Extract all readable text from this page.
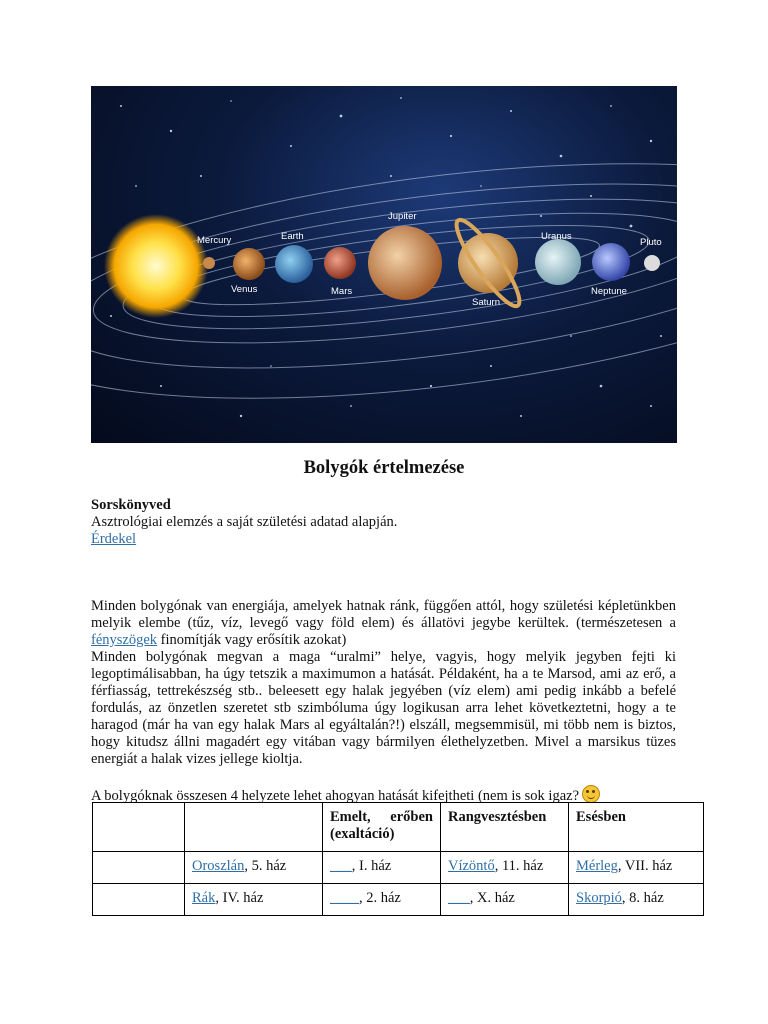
Mercury	Earth
Venus	Mars
Jupiter
Saturn
Uranus
Neptune
Pluto
Bolygók értelmezése
Sorskönyved
Asztrológiai elemzés a saját születési adatad alapján.
Érdekel
Minden bolygónak van energiája, amelyek hatnak ránk, függően attól, hogy születési képletünkben melyik elembe (tűz, víz, levegő vagy föld elem) és állatövi jegybe kerültek. (természetesen a fényszögek finomítják vagy erősítik azokat)
Minden bolygónak megvan a maga “uralmi” helye, vagyis, hogy melyik jegyben fejti ki legoptimálisabban, ha úgy tetszik a maximumon a hatását. Példaként, ha a te Marsod, ami az erő, a férfiasság, tettrekészség stb.. beleesett egy halak jegyében (víz elem) ami pedig inkább a befelé fordulás, az önzetlen szeretet stb szimbóluma úgy logikusan arra lehet következtetni, hogy a te haragod (már ha van egy halak Mars al egyáltalán?!) elszáll, megsemmisül, mi több nem is biztos, hogy kitudsz állni magadért egy vitában vagy bármilyen élethelyzetben. Mivel a marsikus tüzes energiát a halak vizes jellege kioltja.
A bolygóknak összesen 4 helyzete lehet ahogyan hatását kifejtheti (nem is sok igaz?
		Emelt, erőben (exaltáció)	Rangvesztésben	Esésben
	Oroszlán, 5. ház	___, I. ház	Vízöntő, 11. ház	Mérleg, VII. ház
	Rák, IV. ház	____, 2. ház	___, X. ház	Skorpió, 8. ház
